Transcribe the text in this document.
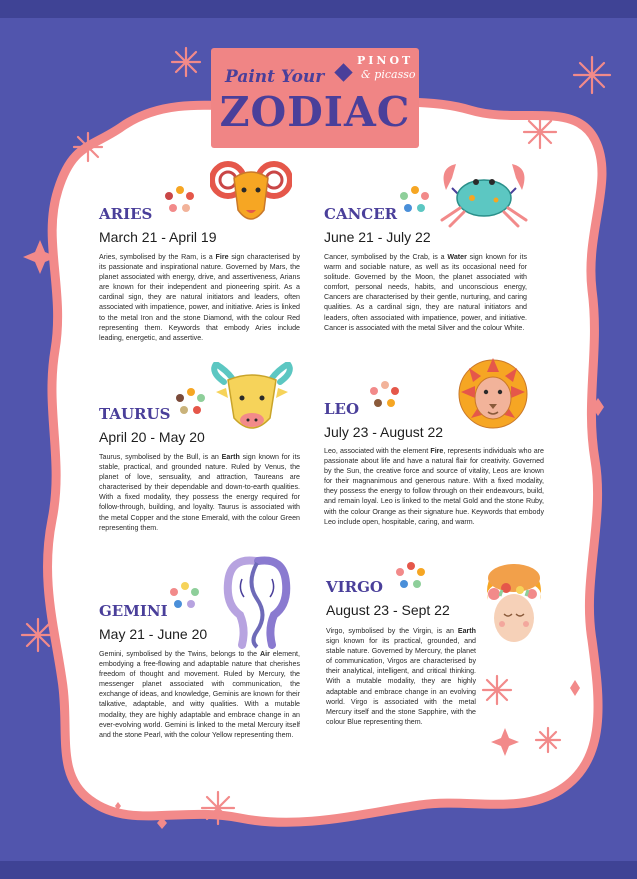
Paint Your
PINOT
& picasso
ZODIAC
ARIES
March 21 - April 19
Aries, symbolised by the Ram, is a Fire sign characterised by its passionate and inspirational nature. Governed by Mars, the planet associated with energy, drive, and assertiveness, Arians are known for their independent and pioneering spirit. As a cardinal sign, they are natural initiators and leaders, often associated with impatience, power, and initiative. Aries is linked to the metal Iron and the stone Diamond, with the colour Red representing them. Keywords that embody Aries include leading, energetic, and assertive.
CANCER
June 21 - July 22
Cancer, symbolised by the Crab, is a Water sign known for its warm and sociable nature, as well as its occasional need for solitude. Governed by the Moon, the planet associated with comfort, personal needs, habits, and unconscious energy, Cancers are characterised by their gentle, nurturing, and caring qualities. As a cardinal sign, they are natural initiators and leaders, often associated with impatience, power, and initiative. Cancer is associated with the metal Silver and the colour White.
TAURUS
April 20 - May 20
Taurus, symbolised by the Bull, is an Earth sign known for its stable, practical, and grounded nature. Ruled by Venus, the planet of love, sensuality, and attraction, Taureans are characterised by their dependable and down-to-earth qualities. With a fixed modality, they possess the energy required for follow-through, building, and loyalty. Taurus is associated with the metal Copper and the stone Emerald, with the colour Green representing them.
LEO
July 23 - August 22
Leo, associated with the element Fire, represents individuals who are passionate about life and have a natural flair for creativity. Governed by the Sun, the creative force and source of vitality, Leos are known for their magnanimous and generous nature. With a fixed modality, they possess the energy to follow through on their endeavours, build, and remain loyal. Leo is linked to the metal Gold and the stone Ruby, with the colour Orange as their signature hue. Keywords that embody Leo include open, hospitable, caring, and warm.
GEMINI
May 21 - June 20
Gemini, symbolised by the Twins, belongs to the Air element, embodying a free-flowing and adaptable nature that cherishes freedom of thought and movement. Ruled by Mercury, the messenger planet associated with communication, the exchange of ideas, and knowledge, Geminis are known for their talkative, adaptable, and witty qualities. With a mutable modality, they are highly adaptable and embrace change in an ever-evolving world. Gemini is linked to the metal Mercury itself and the stone Pearl, with the colour Yellow representing them.
VIRGO
August 23 - Sept 22
Virgo, symbolised by the Virgin, is an Earth sign known for its practical, grounded, and stable nature. Governed by Mercury, the planet of communication, Virgos are characterised by their analytical, intelligent, and critical thinking. With a mutable modality, they are highly adaptable and embrace change in an evolving world. Virgo is associated with the metal Mercury itself and the stone Sapphire, with the colour Blue representing them.
